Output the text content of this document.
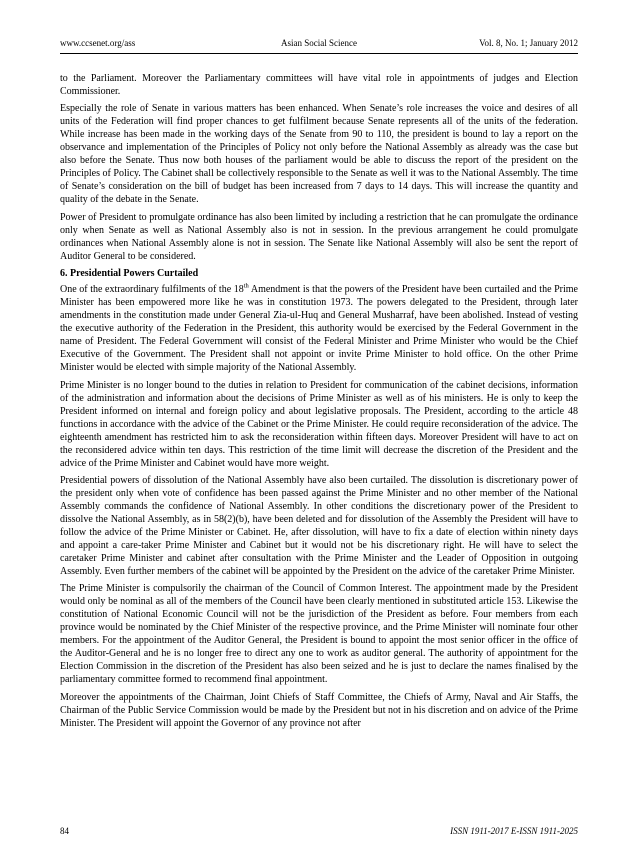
www.ccsenet.org/ass	Asian Social Science	Vol. 8, No. 1; January 2012

to the Parliament. Moreover the Parliamentary committees will have vital role in appointments of judges and Election Commissioner.

Especially the role of Senate in various matters has been enhanced. When Senate’s role increases the voice and desires of all units of the Federation will find proper chances to get fulfilment because Senate represents all of the units of the federation. While increase has been made in the working days of the Senate from 90 to 110, the president is bound to lay a report on the observance and implementation of the Principles of Policy not only before the National Assembly as already was the case but also before the Senate. Thus now both houses of the parliament would be able to discuss the report of the president on the Principles of Policy. The Cabinet shall be collectively responsible to the Senate as well it was to the National Assembly. The time of Senate’s consideration on the bill of budget has been increased from 7 days to 14 days. This will increase the quantity and quality of the debate in the Senate.

Power of President to promulgate ordinance has also been limited by including a restriction that he can promulgate the ordinance only when Senate as well as National Assembly also is not in session. In the previous arrangement he could promulgate ordinances when National Assembly alone is not in session. The Senate like National Assembly will also be sent the report of Auditor General to be considered.

6. Presidential Powers Curtailed

One of the extraordinary fulfilments of the 18th Amendment is that the powers of the President have been curtailed and the Prime Minister has been empowered more like he was in constitution 1973. The powers delegated to the President, through later amendments in the constitution made under General Zia-ul-Huq and General Musharraf, have been abolished. Instead of vesting the executive authority of the Federation in the President, this authority would be exercised by the Federal Government in the name of President. The Federal Government will consist of the Federal Minister and Prime Minister who would be the Chief Executive of the Government. The President shall not appoint or invite Prime Minister to hold office. On the other Prime Minister would be elected with simple majority of the National Assembly.

Prime Minister is no longer bound to the duties in relation to President for communication of the cabinet decisions, information of the administration and information about the decisions of Prime Minister as well as of his ministers. He is only to keep the President informed on internal and foreign policy and about legislative proposals. The President, according to the article 48 functions in accordance with the advice of the Cabinet or the Prime Minister. He could require reconsideration of the advice. The eighteenth amendment has restricted him to ask the reconsideration within fifteen days. Moreover President will have to act on the reconsidered advice within ten days. This restriction of the time limit will decrease the discretion of the President and the advice of the Prime Minister and Cabinet would have more weight.

Presidential powers of dissolution of the National Assembly have also been curtailed. The dissolution is discretionary power of the president only when vote of confidence has been passed against the Prime Minister and no other member of the National Assembly commands the confidence of National Assembly. In other conditions the discretionary power of the President to dissolve the National Assembly, as in 58(2)(b), have been deleted and for dissolution of the Assembly the President will have to follow the advice of the Prime Minister or Cabinet. He, after dissolution, will have to fix a date of election within ninety days and appoint a care-taker Prime Minister and Cabinet but it would not be his discretionary right. He will have to select the caretaker Prime Minister and cabinet after consultation with the Prime Minister and the Leader of Opposition in outgoing Assembly. Even further members of the cabinet will be appointed by the President on the advice of the caretaker Prime Minister.

The Prime Minister is compulsorily the chairman of the Council of Common Interest. The appointment made by the President would only be nominal as all of the members of the Council have been clearly mentioned in substituted article 153. Likewise the constitution of National Economic Council will not be the jurisdiction of the President as before. Four members from each province would be nominated by the Chief Minister of the respective province, and the Prime Minister will nominate four other members. For the appointment of the Auditor General, the President is bound to appoint the most senior officer in the office of the Auditor-General and he is no longer free to direct any one to work as auditor general. The authority of appointment for the Election Commission in the discretion of the President has also been seized and he is just to declare the names finalised by the parliamentary committee formed to recommend final appointment.

Moreover the appointments of the Chairman, Joint Chiefs of Staff Committee, the Chiefs of Army, Naval and Air Staffs, the Chairman of the Public Service Commission would be made by the President but not in his discretion and on advice of the Prime Minister. The President will appoint the Governor of any province not after

84	ISSN 1911-2017 E-ISSN 1911-2025
